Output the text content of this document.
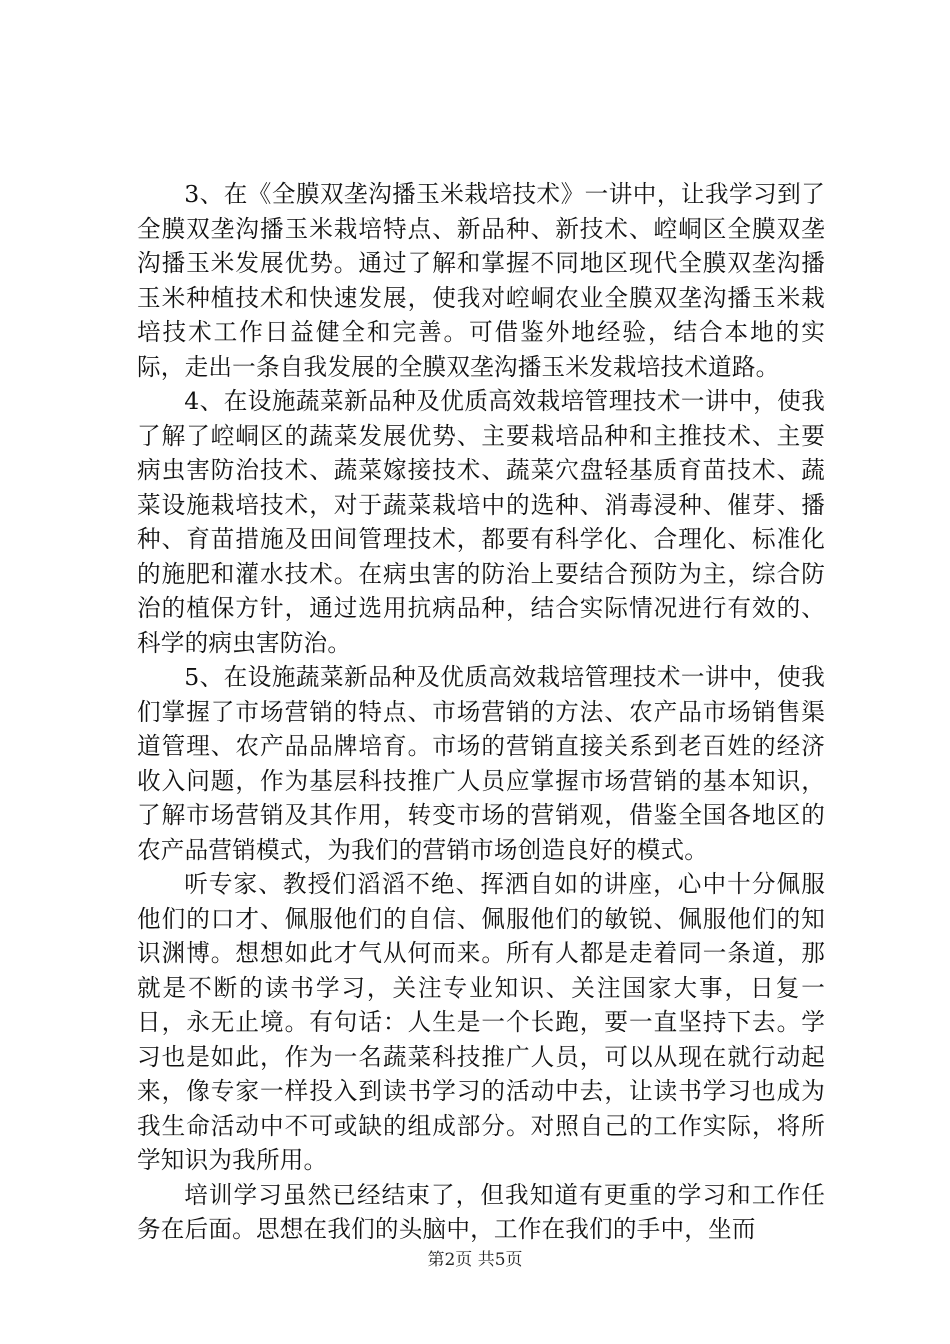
3、在《全膜双垄沟播玉米栽培技术》一讲中，让我学习到了全膜双垄沟播玉米栽培特点、新品种、新技术、崆峒区全膜双垄沟播玉米发展优势。通过了解和掌握不同地区现代全膜双垄沟播玉米种植技术和快速发展，使我对崆峒农业全膜双垄沟播玉米栽培技术工作日益健全和完善。可借鉴外地经验，结合本地的实际，走出一条自我发展的全膜双垄沟播玉米发栽培技术道路。

4、在设施蔬菜新品种及优质高效栽培管理技术一讲中，使我了解了崆峒区的蔬菜发展优势、主要栽培品种和主推技术、主要病虫害防治技术、蔬菜嫁接技术、蔬菜穴盘轻基质育苗技术、蔬菜设施栽培技术，对于蔬菜栽培中的选种、消毒浸种、催芽、播种、育苗措施及田间管理技术，都要有科学化、合理化、标准化的施肥和灌水技术。在病虫害的防治上要结合预防为主，综合防治的植保方针，通过选用抗病品种，结合实际情况进行有效的、科学的病虫害防治。

5、在设施蔬菜新品种及优质高效栽培管理技术一讲中，使我们掌握了市场营销的特点、市场营销的方法、农产品市场销售渠道管理、农产品品牌培育。市场的营销直接关系到老百姓的经济收入问题，作为基层科技推广人员应掌握市场营销的基本知识，了解市场营销及其作用，转变市场的营销观，借鉴全国各地区的农产品营销模式，为我们的营销市场创造良好的模式。

听专家、教授们滔滔不绝、挥洒自如的讲座，心中十分佩服他们的口才、佩服他们的自信、佩服他们的敏锐、佩服他们的知识渊博。想想如此才气从何而来。所有人都是走着同一条道，那就是不断的读书学习，关注专业知识、关注国家大事，日复一日，永无止境。有句话：人生是一个长跑，要一直坚持下去。学习也是如此，作为一名蔬菜科技推广人员，可以从现在就行动起来，像专家一样投入到读书学习的活动中去，让读书学习也成为我生命活动中不可或缺的组成部分。对照自己的工作实际，将所学知识为我所用。

培训学习虽然已经结束了，但我知道有更重的学习和工作任务在后面。思想在我们的头脑中，工作在我们的手中，坐而

第2页 共5页
